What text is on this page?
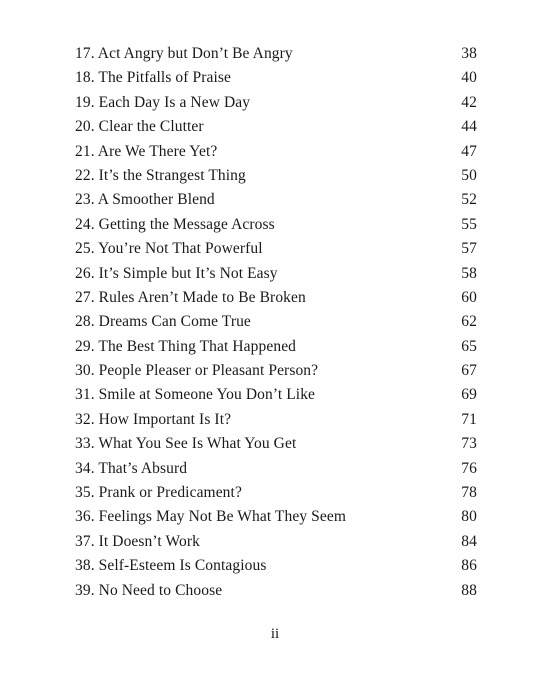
17. Act Angry but Don’t Be Angry	38
18. The Pitfalls of Praise	40
19. Each Day Is a New Day	42
20. Clear the Clutter	44
21. Are We There Yet?	47
22. It’s the Strangest Thing	50
23. A Smoother Blend	52
24. Getting the Message Across	55
25. You’re Not That Powerful	57
26. It’s Simple but It’s Not Easy	58
27. Rules Aren’t Made to Be Broken	60
28. Dreams Can Come True	62
29. The Best Thing That Happened	65
30. People Pleaser or Pleasant Person?	67
31. Smile at Someone You Don’t Like	69
32. How Important Is It?	71
33. What You See Is What You Get	73
34. That’s Absurd	76
35. Prank or Predicament?	78
36. Feelings May Not Be What They Seem	80
37. It Doesn’t Work	84
38. Self-Esteem Is Contagious	86
39. No Need to Choose	88
ii
